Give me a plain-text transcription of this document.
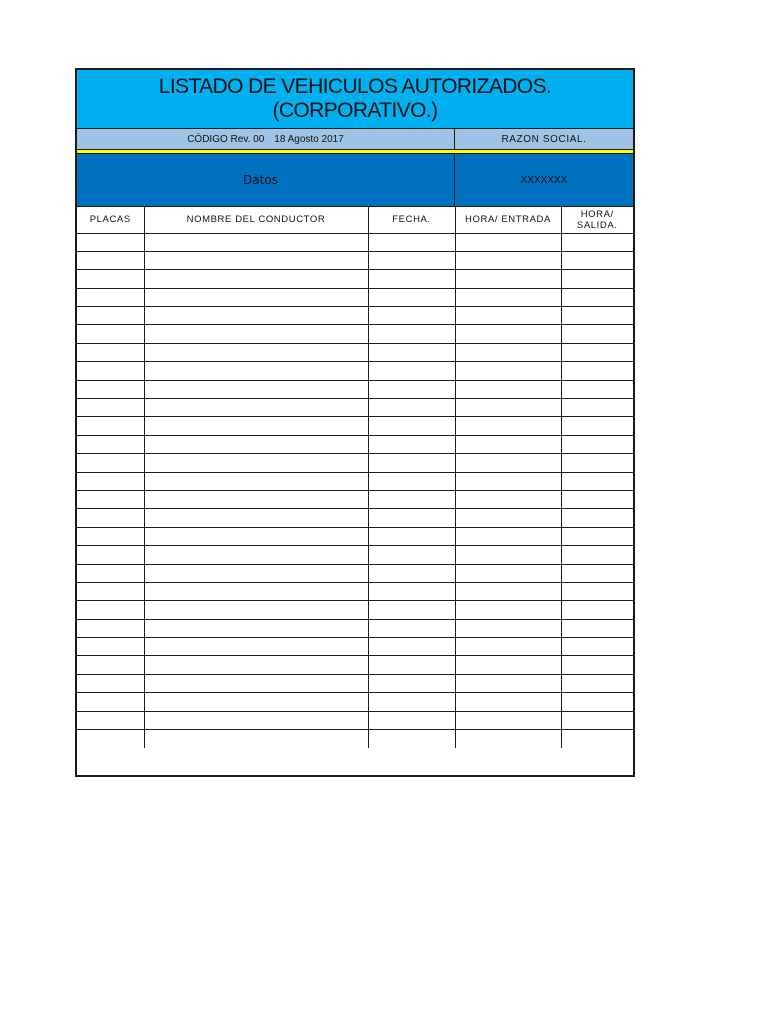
LISTADO DE VEHICULOS AUTORIZADOS.
(CORPORATIVO.)
CÓDIGO Rev. 00 18 Agosto 2017	RAZON SOCIAL.
Datos	XXXXXXX
PLACAS	NOMBRE DEL CONDUCTOR	FECHA.	HORA/ ENTRADA	HORA/ SALIDA.
